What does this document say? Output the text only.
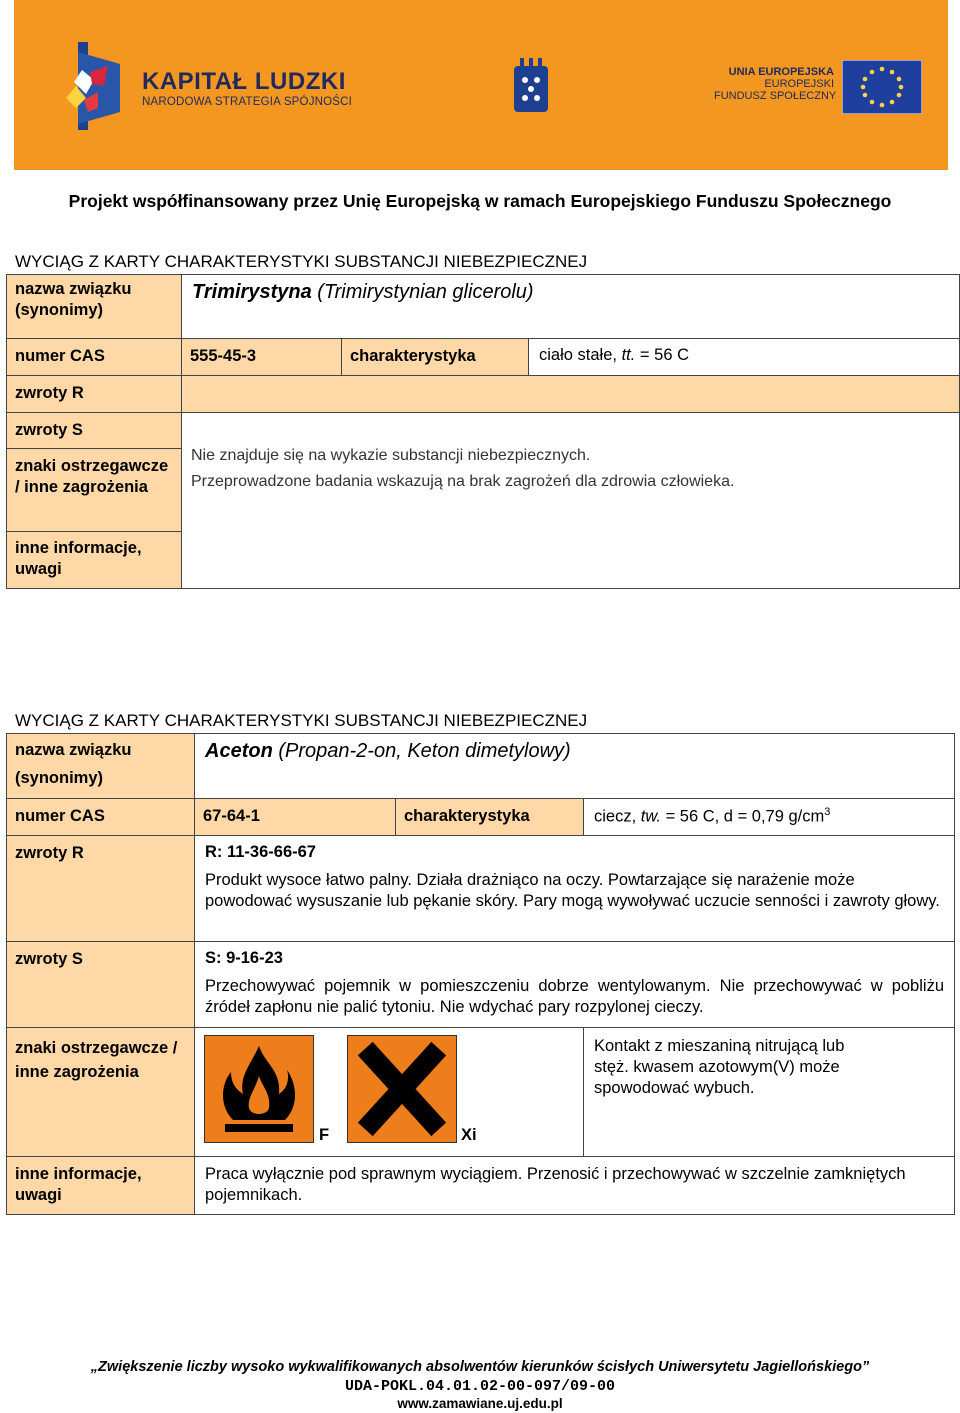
KAPITAŁ LUDZKI
NARODOWA STRATEGIA SPÓJNOŚCI
UNIA EUROPEJSKA
EUROPEJSKI
FUNDUSZ SPOŁECZNY
Projekt współfinansowany przez Unię Europejską w ramach Europejskiego Funduszu Społecznego
WYCIĄG Z KARTY CHARAKTERYSTYKI SUBSTANCJI NIEBEZPIECZNEJ
nazwa związku (synonimy)	Trimirystyna (Trimirystynian glicerolu)		

numer CAS	555-45-3	charakterystyka	ciało stałe, tt. = 56 C

zwroty R			

zwroty S	Nie znajduje się na wykazie substancji niebezpiecznych.
Przeprowadzone badania wskazują na brak zagrożeń dla zdrowia człowieka.		

znaki ostrzegawcze / inne zagrożenia			

inne informacje, uwagi			
WYCIĄG Z KARTY CHARAKTERYSTYKI SUBSTANCJI NIEBEZPIECZNEJ
nazwa związku (synonimy)	Aceton (Propan-2-on, Keton dimetylowy)		

numer CAS	67-64-1	charakterystyka	ciecz, tw. = 56 C, d = 0,79 $g/cm^3$

zwroty R	R: 11-36-66-67
Produkt wysoce łatwo palny. Działa drażniąco na oczy. Powtarzające się narażenie może powodować wysuszanie lub pękanie skóry. Pary mogą wywoływać uczucie senności i zawroty głowy.		

zwroty S	S: 9-16-23
Przechowywać pojemnik w pomieszczeniu dobrze wentylowanym. Nie przechowywać w pobliżu źródeł zapłonu nie palić tytoniu. Nie wdychać pary rozpylonej cieczy.		

znaki ostrzegawcze / inne zagrożenia	F Xi		Kontakt z mieszaniną nitrującą lub stęż. kwasem azotowym(V) może spowodować wybuch.

inne informacje, uwagi	Praca wyłącznie pod sprawnym wyciągiem. Przenosić i przechowywać w szczelnie zamkniętych pojemnikach.		
„Zwiększenie liczby wysoko wykwalifikowanych absolwentów kierunków ścisłych Uniwersytetu Jagiellońskiego”
UDA-POKL.04.01.02-00-097/09-00
www.zamawiane.uj.edu.pl
